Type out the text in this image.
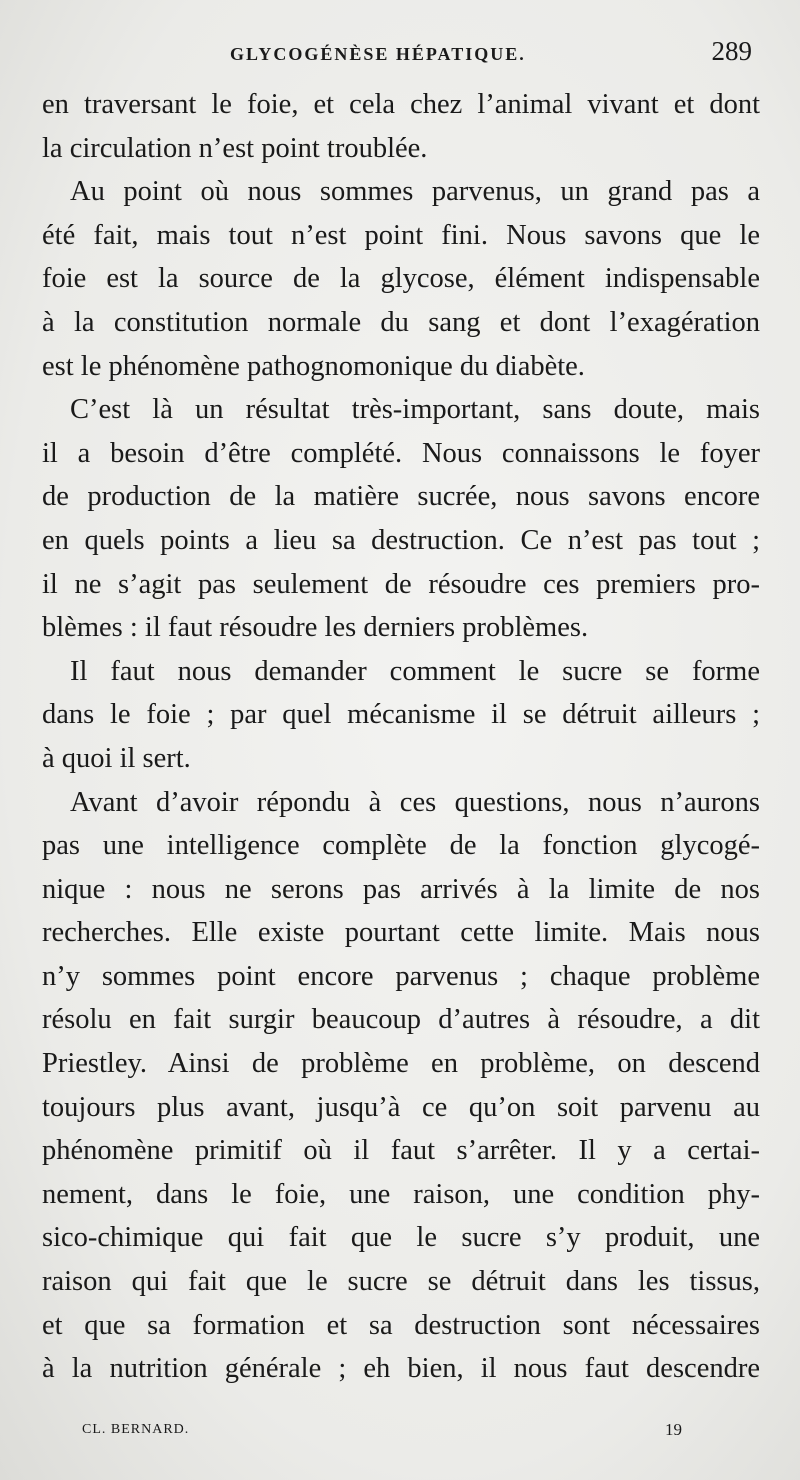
GLYCOGÉNÈSE HÉPATIQUE.	289
en traversant le foie, et cela chez l’animal vivant et dont
la circulation n’est point troublée.
Au point où nous sommes parvenus, un grand pas a
été fait, mais tout n’est point fini. Nous savons que le
foie est la source de la glycose, élément indispensable
à la constitution normale du sang et dont l’exagération
est le phénomène pathognomonique du diabète.
C’est là un résultat très-important, sans doute, mais
il a besoin d’être complété. Nous connaissons le foyer
de production de la matière sucrée, nous savons encore
en quels points a lieu sa destruction. Ce n’est pas tout ;
il ne s’agit pas seulement de résoudre ces premiers pro-
blèmes : il faut résoudre les derniers problèmes.
Il faut nous demander comment le sucre se forme
dans le foie ; par quel mécanisme il se détruit ailleurs ;
à quoi il sert.
Avant d’avoir répondu à ces questions, nous n’aurons
pas une intelligence complète de la fonction glycogé-
nique : nous ne serons pas arrivés à la limite de nos
recherches. Elle existe pourtant cette limite. Mais nous
n’y sommes point encore parvenus ; chaque problème
résolu en fait surgir beaucoup d’autres à résoudre, a dit
Priestley. Ainsi de problème en problème, on descend
toujours plus avant, jusqu’à ce qu’on soit parvenu au
phénomène primitif où il faut s’arrêter. Il y a certai-
nement, dans le foie, une raison, une condition phy-
sico-chimique qui fait que le sucre s’y produit, une
raison qui fait que le sucre se détruit dans les tissus,
et que sa formation et sa destruction sont nécessaires
à la nutrition générale ; eh bien, il nous faut descendre
CL. BERNARD.	19
